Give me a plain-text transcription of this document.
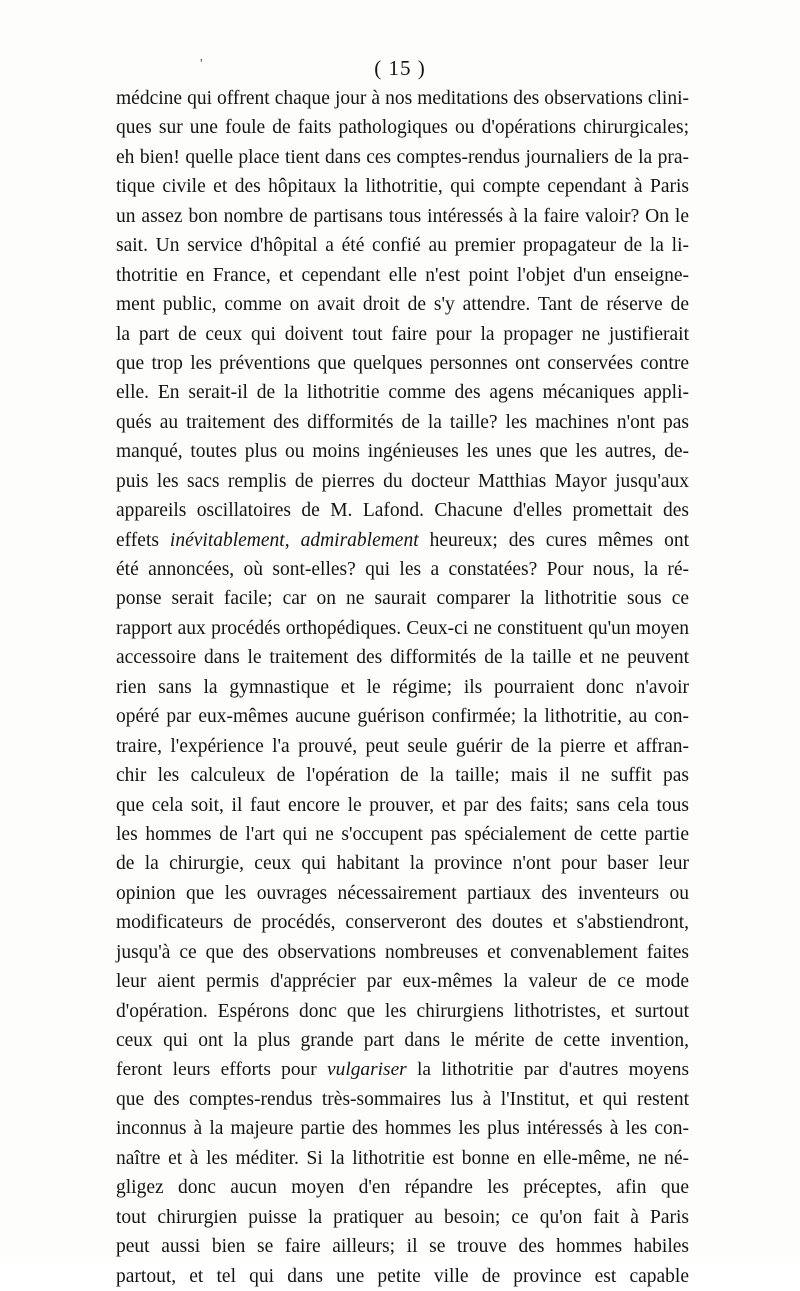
'	( 15 )
médcine qui offrent chaque jour à nos meditations des observations clini-
ques sur une foule de faits pathologiques ou d'opérations chirurgicales;
eh bien! quelle place tient dans ces comptes-rendus journaliers de la pra-
tique civile et des hôpitaux la lithotritie, qui compte cependant à Paris
un assez bon nombre de partisans tous intéressés à la faire valoir? On le
sait. Un service d'hôpital a été confié au premier propagateur de la li-
thotritie en France, et cependant elle n'est point l'objet d'un enseigne-
ment public, comme on avait droit de s'y attendre. Tant de réserve de
la part de ceux qui doivent tout faire pour la propager ne justifierait
que trop les préventions que quelques personnes ont conservées contre
elle. En serait-il de la lithotritie comme des agens mécaniques appli-
qués au traitement des difformités de la taille? les machines n'ont pas
manqué, toutes plus ou moins ingénieuses les unes que les autres, de-
puis les sacs remplis de pierres du docteur Matthias Mayor jusqu'aux
appareils oscillatoires de M. Lafond. Chacune d'elles promettait des
effets inévitablement, admirablement heureux; des cures mêmes ont
été annoncées, où sont-elles? qui les a constatées? Pour nous, la ré-
ponse serait facile; car on ne saurait comparer la lithotritie sous ce
rapport aux procédés orthopédiques. Ceux-ci ne constituent qu'un moyen
accessoire dans le traitement des difformités de la taille et ne peuvent
rien sans la gymnastique et le régime; ils pourraient donc n'avoir
opéré par eux-mêmes aucune guérison confirmée; la lithotritie, au con-
traire, l'expérience l'a prouvé, peut seule guérir de la pierre et affran-
chir les calculeux de l'opération de la taille; mais il ne suffit pas
que cela soit, il faut encore le prouver, et par des faits; sans cela tous
les hommes de l'art qui ne s'occupent pas spécialement de cette partie
de la chirurgie, ceux qui habitant la province n'ont pour baser leur
opinion que les ouvrages nécessairement partiaux des inventeurs ou
modificateurs de procédés, conserveront des doutes et s'abstiendront,
jusqu'à ce que des observations nombreuses et convenablement faites
leur aient permis d'apprécier par eux-mêmes la valeur de ce mode
d'opération. Espérons donc que les chirurgiens lithotristes, et surtout
ceux qui ont la plus grande part dans le mérite de cette invention,
feront leurs efforts pour vulgariser la lithotritie par d'autres moyens
que des comptes-rendus très-sommaires lus à l'Institut, et qui restent
inconnus à la majeure partie des hommes les plus intéressés à les con-
naître et à les méditer. Si la lithotritie est bonne en elle-même, ne né-
gligez donc aucun moyen d'en répandre les préceptes, afin que
tout chirurgien puisse la pratiquer au besoin; ce qu'on fait à Paris
peut aussi bien se faire ailleurs; il se trouve des hommes habiles
partout, et tel qui dans une petite ville de province est capable
